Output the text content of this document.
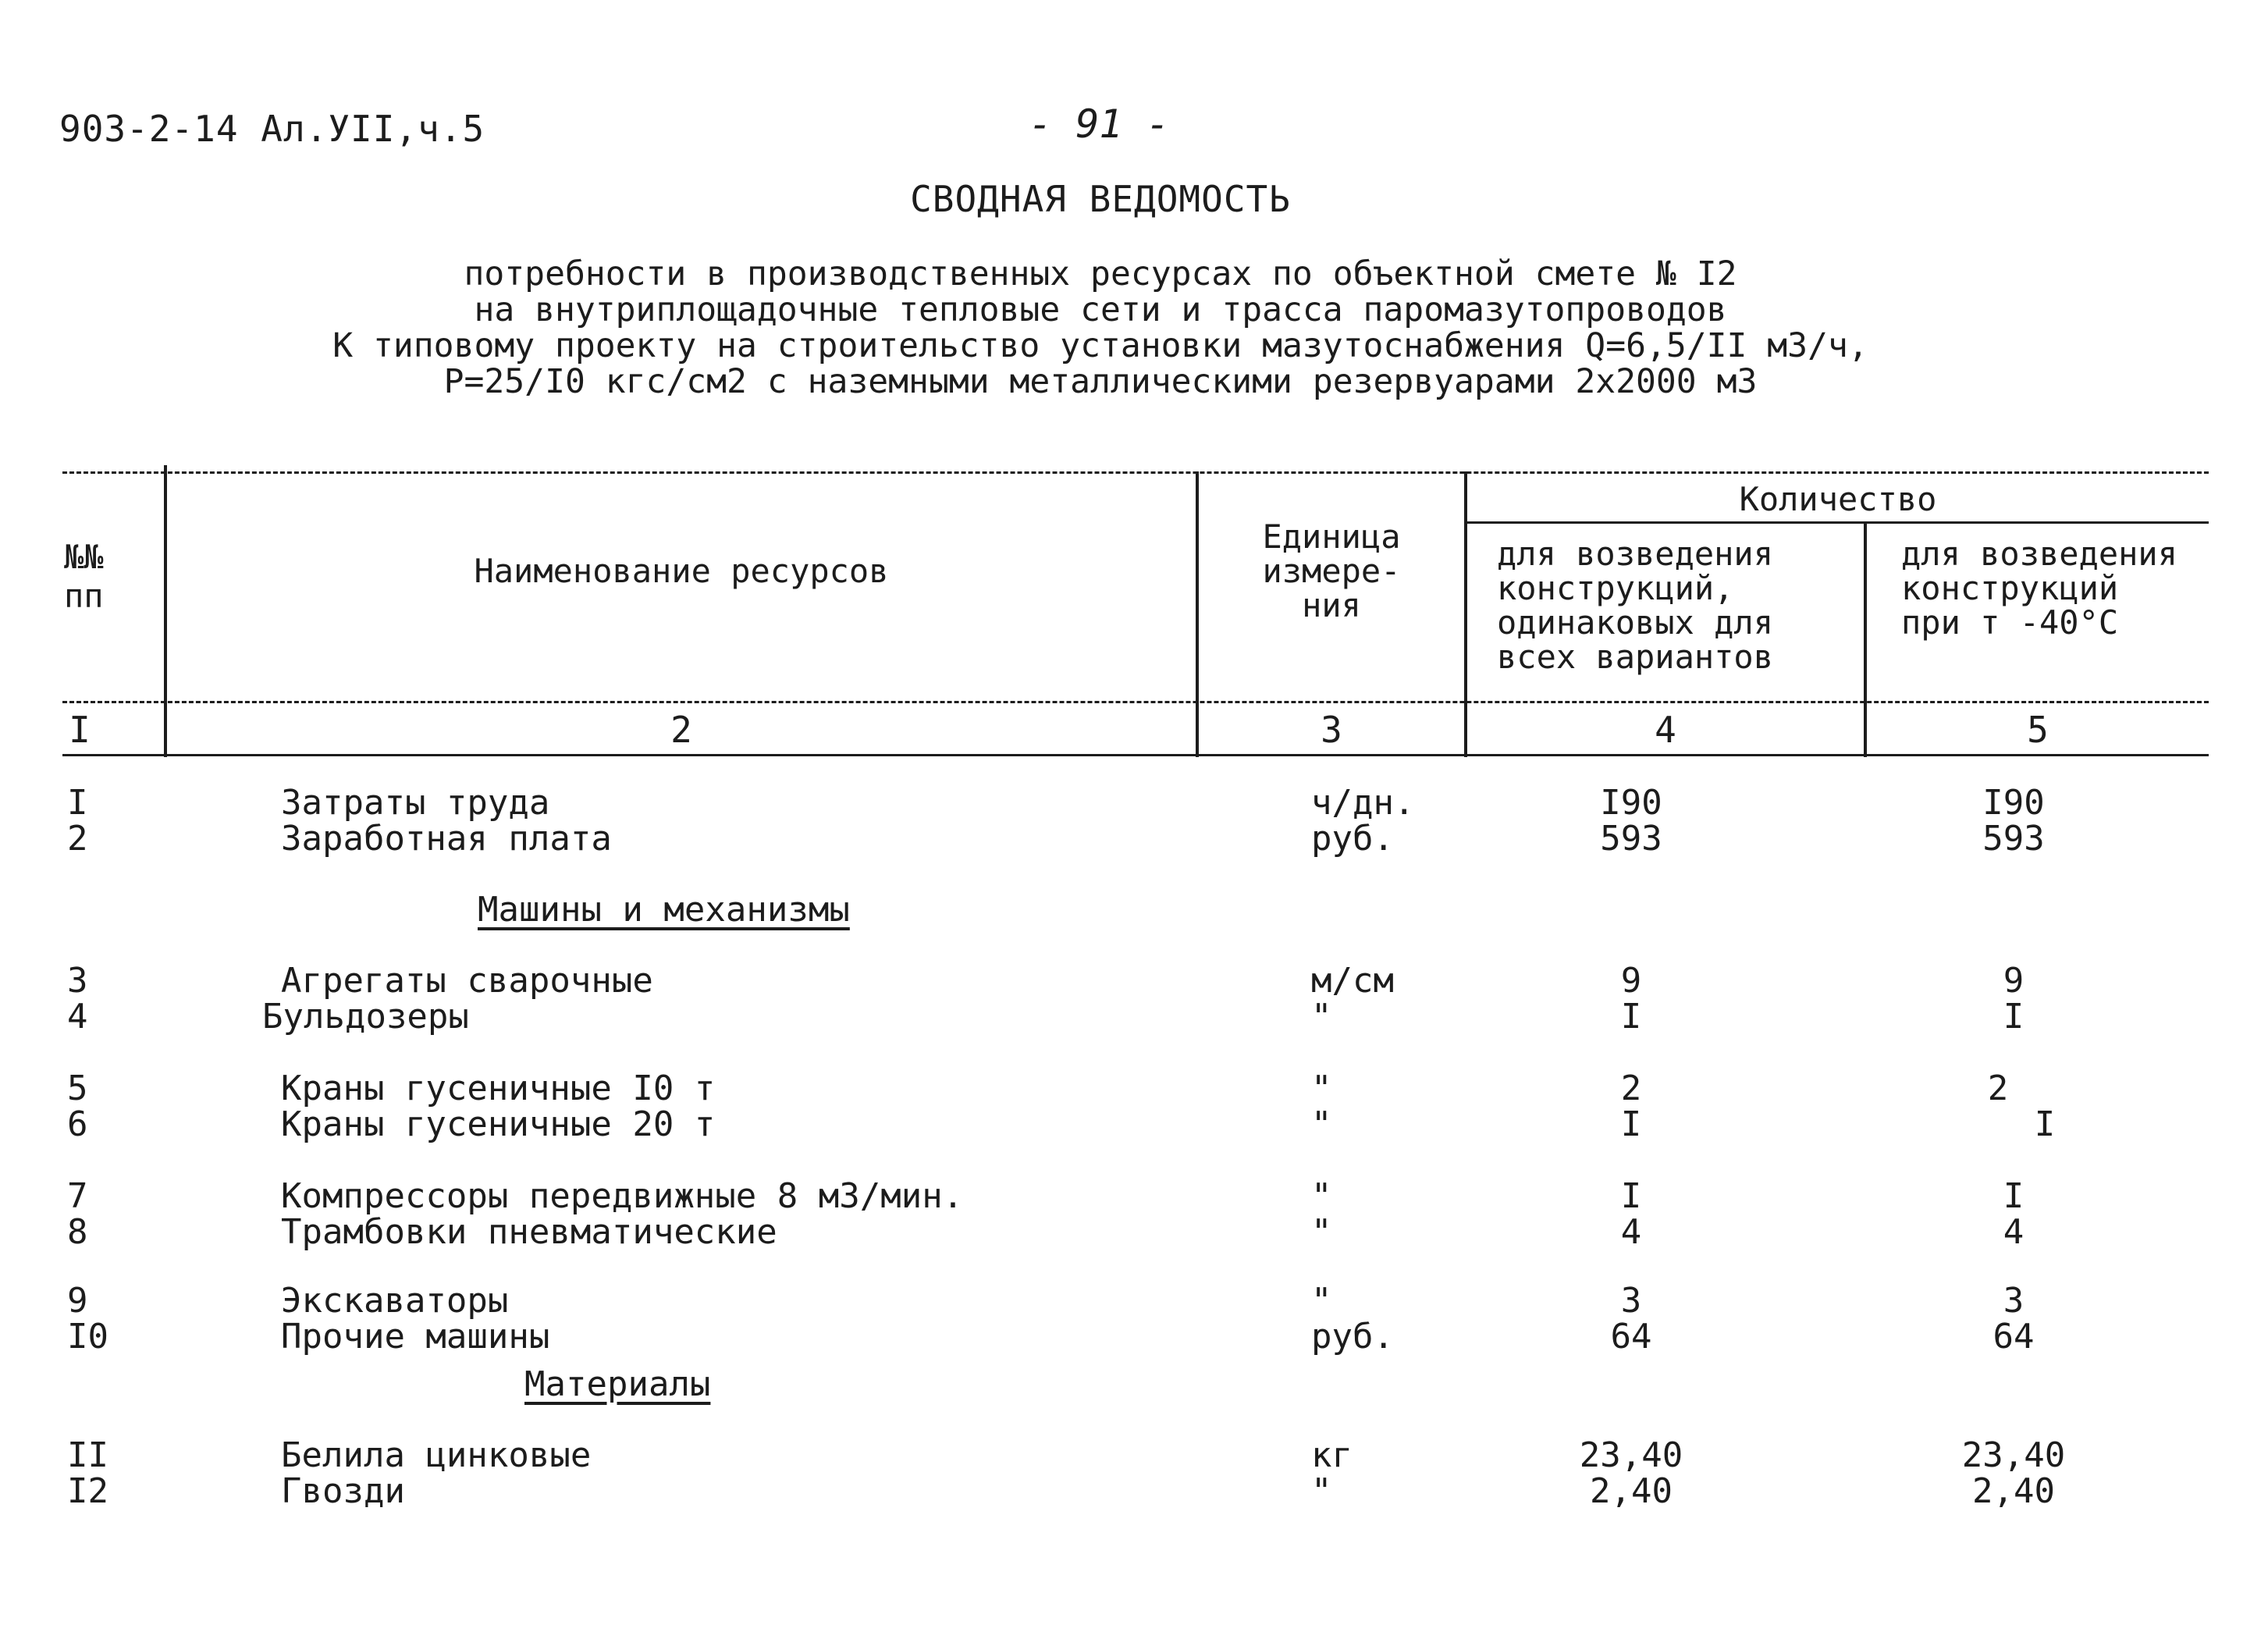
903-2-14 Ал.УII,ч.5	- 91 -
СВОДНАЯ ВЕДОМОСТЬ
потребности в производственных ресурсах по объектной смете № I2
на внутриплощадочные тепловые сети и трасса паромазутопроводов
К типовому проекту на строительство установки мазутоснабжения Q=6,5/II м3/ч,
P=25/I0 кгс/см2 с наземными металлическими резервуарами 2х2000 м3
№№
пп
Наименование ресурсов
Единица
измере-
ния
Количество
для возведения
конструкций,
одинаковых для
всех вариантов
для возведения
конструкций
при т -40°С
I	2	3	4	5
I	Затраты труда	ч/дн.	I90	I90
2	Заработная плата	руб.	593	593
Машины и механизмы
3	Агрегаты сварочные	м/см	9	9
4	Бульдозеры	"	I	I
5	Краны гусеничные I0 т	"	2	2
6	Краны гусеничные 20 т	"	I	I
7	Компрессоры передвижные 8 м3/мин.	"	I	I
8	Трамбовки пневматические	"	4	4
9	Экскаваторы	"	3	3
I0	Прочие машины	руб.	64	64
Материалы
II	Белила цинковые	кг	23,40	23,40
I2	Гвозди	"	2,40	2,40
